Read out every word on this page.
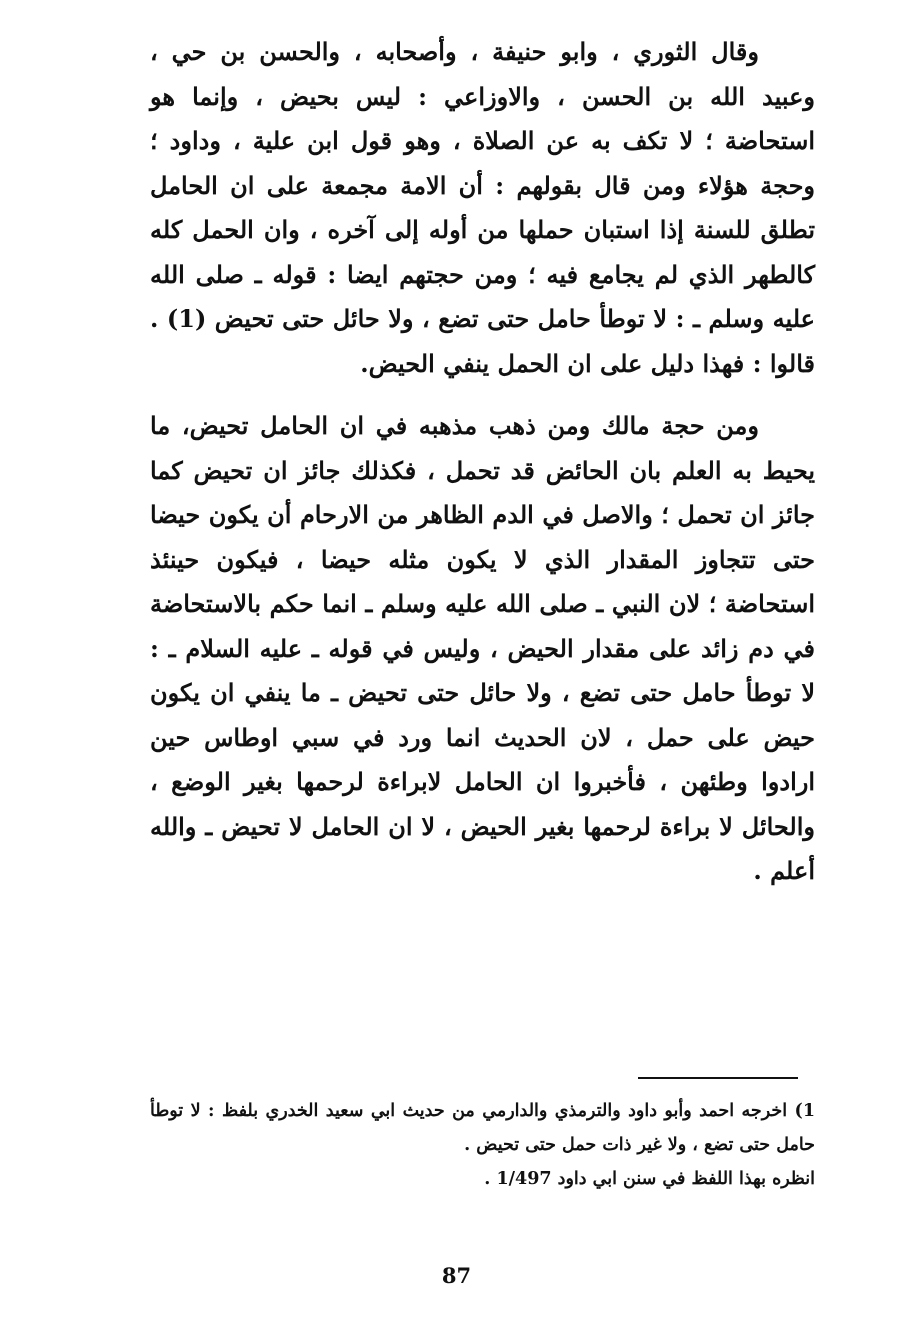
وقال الثوري ، وابو حنيفة ، وأصحابه ، والحسن بن حي ، وعبيد الله بن الحسن ، والاوزاعي : ليس بحيض ، وإنما هو استحاضة ؛ لا تكف به عن الصلاة ، وهو قول ابن علية ، وداود ؛ وحجة هؤلاء ومن قال بقولهم : أن الامة مجمعة على ان الحامل تطلق للسنة إذا استبان حملها من أوله إلى آخره ، وان الحمل كله كالطهر الذي لم يجامع فيه ؛ ومن حجتهم ايضا : قوله ـ صلى الله عليه وسلم ـ : لا توطأ حامل حتى تضع ، ولا حائل حتى تحيض (1) . قالوا : فهذا دليل على ان الحمل ينفي الحيض.

ومن حجة مالك ومن ذهب مذهبه في ان الحامل تحيض، ما يحيط به العلم بان الحائض قد تحمل ، فكذلك جائز ان تحيض كما جائز ان تحمل ؛ والاصل في الدم الظاهر من الارحام أن يكون حيضا حتى تتجاوز المقدار الذي لا يكون مثله حيضا ، فيكون حينئذ استحاضة ؛ لان النبي ـ صلى الله عليه وسلم ـ انما حكم بالاستحاضة في دم زائد على مقدار الحيض ، وليس في قوله ـ عليه السلام ـ : لا توطأ حامل حتى تضع ، ولا حائل حتى تحيض ـ ما ينفي ان يكون حيض على حمل ، لان الحديث انما ورد في سبي اوطاس حين ارادوا وطئهن ، فأخبروا ان الحامل لابراءة لرحمها بغير الوضع ، والحائل لا براءة لرحمها بغير الحيض ، لا ان الحامل لا تحيض ـ والله أعلم .

1) اخرجه احمد وأبو داود والترمذي والدارمي من حديث ابي سعيد الخدري بلفظ : لا توطأ حامل حتى تضع ، ولا غير ذات حمل حتى تحيض .

انظره بهذا اللفظ في سنن ابي داود 1/497 .

87
